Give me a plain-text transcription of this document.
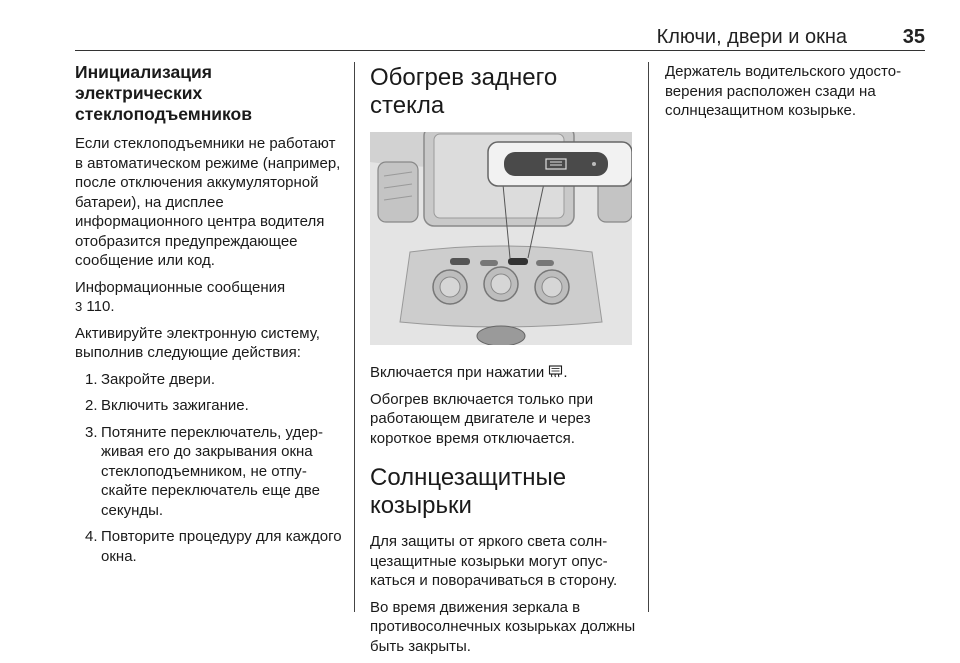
Ключи, двери и окна	35
Инициализация электрических
стеклоподъемников

Если стеклоподъемники не работают в автоматическом режиме (например, после отключения аккумуляторной батареи), на дисплее информационного центра водителя отобразится предупреждающее сообщение или код.

Информационные сообщения
3 110.

Активируйте электронную систему, выполнив следующие действия:

1. Закройте двери.
2. Включить зажигание.
3. Потяните переключатель, удерживая его до закрывания окна стеклоподъемником, не отпускайте переключатель еще две секунды.
4. Повторите процедуру для каждого окна.
Обогрев заднего стекла

Включается при нажатии .

Обогрев включается только при работающем двигателе и через короткое время отключается.

Солнцезащитные
козырьки

Для защиты от яркого света солнцезащитные козырьки могут опускаться и поворачиваться в сторону.

Во время движения зеркала в противосолнечных козырьках должны быть закрыты.

Держатель водительского удостоверения расположен сзади на солнцезащитном козырьке.
